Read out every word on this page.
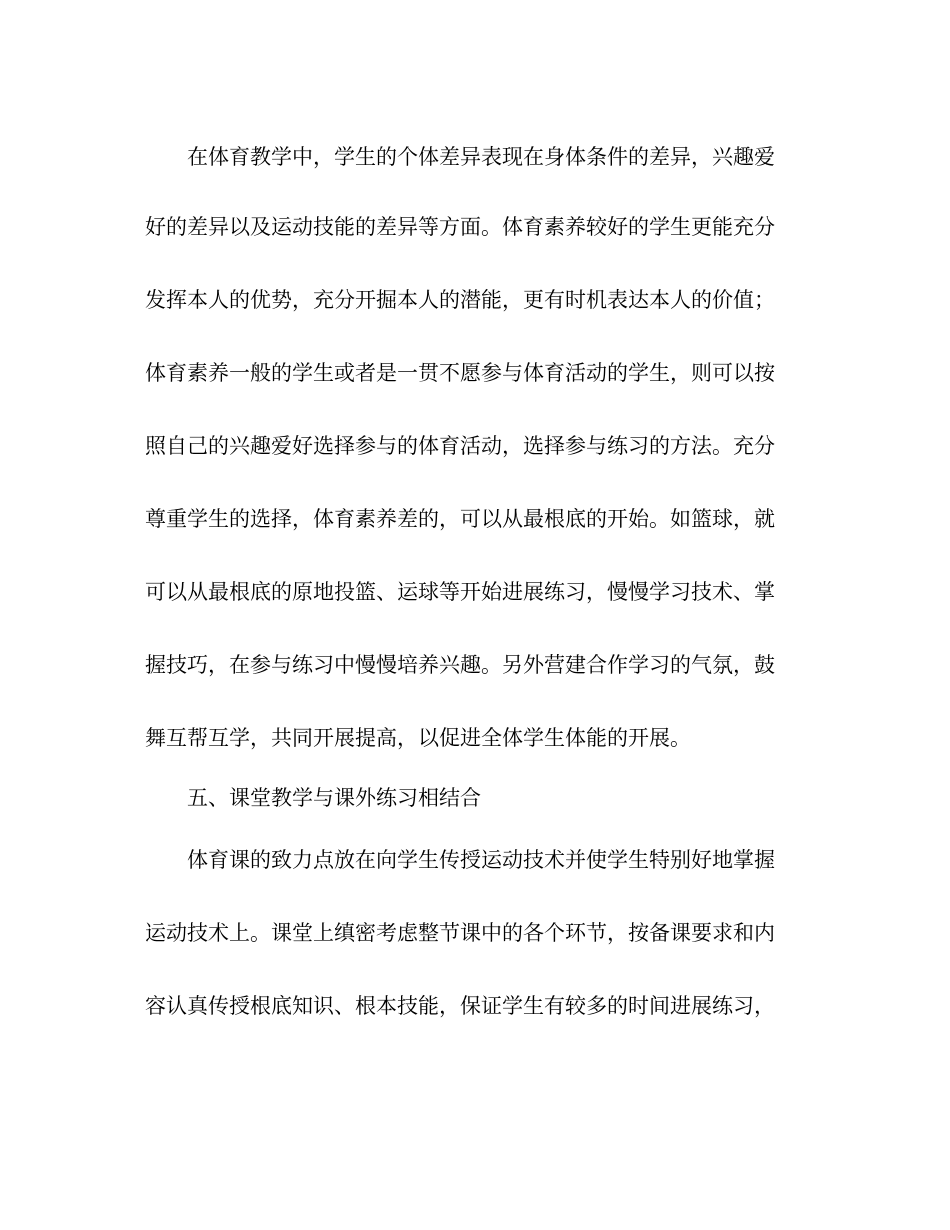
在体育教学中，学生的个体差异表现在身体条件的差异，兴趣爱
好的差异以及运动技能的差异等方面。体育素养较好的学生更能充分
发挥本人的优势，充分开掘本人的潜能，更有时机表达本人的价值；
体育素养一般的学生或者是一贯不愿参与体育活动的学生，则可以按
照自己的兴趣爱好选择参与的体育活动，选择参与练习的方法。充分
尊重学生的选择，体育素养差的，可以从最根底的开始。如篮球，就
可以从最根底的原地投篮、运球等开始进展练习，慢慢学习技术、掌
握技巧，在参与练习中慢慢培养兴趣。另外营建合作学习的气氛，鼓
舞互帮互学，共同开展提高，以促进全体学生体能的开展。
五、课堂教学与课外练习相结合
体育课的致力点放在向学生传授运动技术并使学生特别好地掌握
运动技术上。课堂上缜密考虑整节课中的各个环节，按备课要求和内
容认真传授根底知识、根本技能，保证学生有较多的时间进展练习，
